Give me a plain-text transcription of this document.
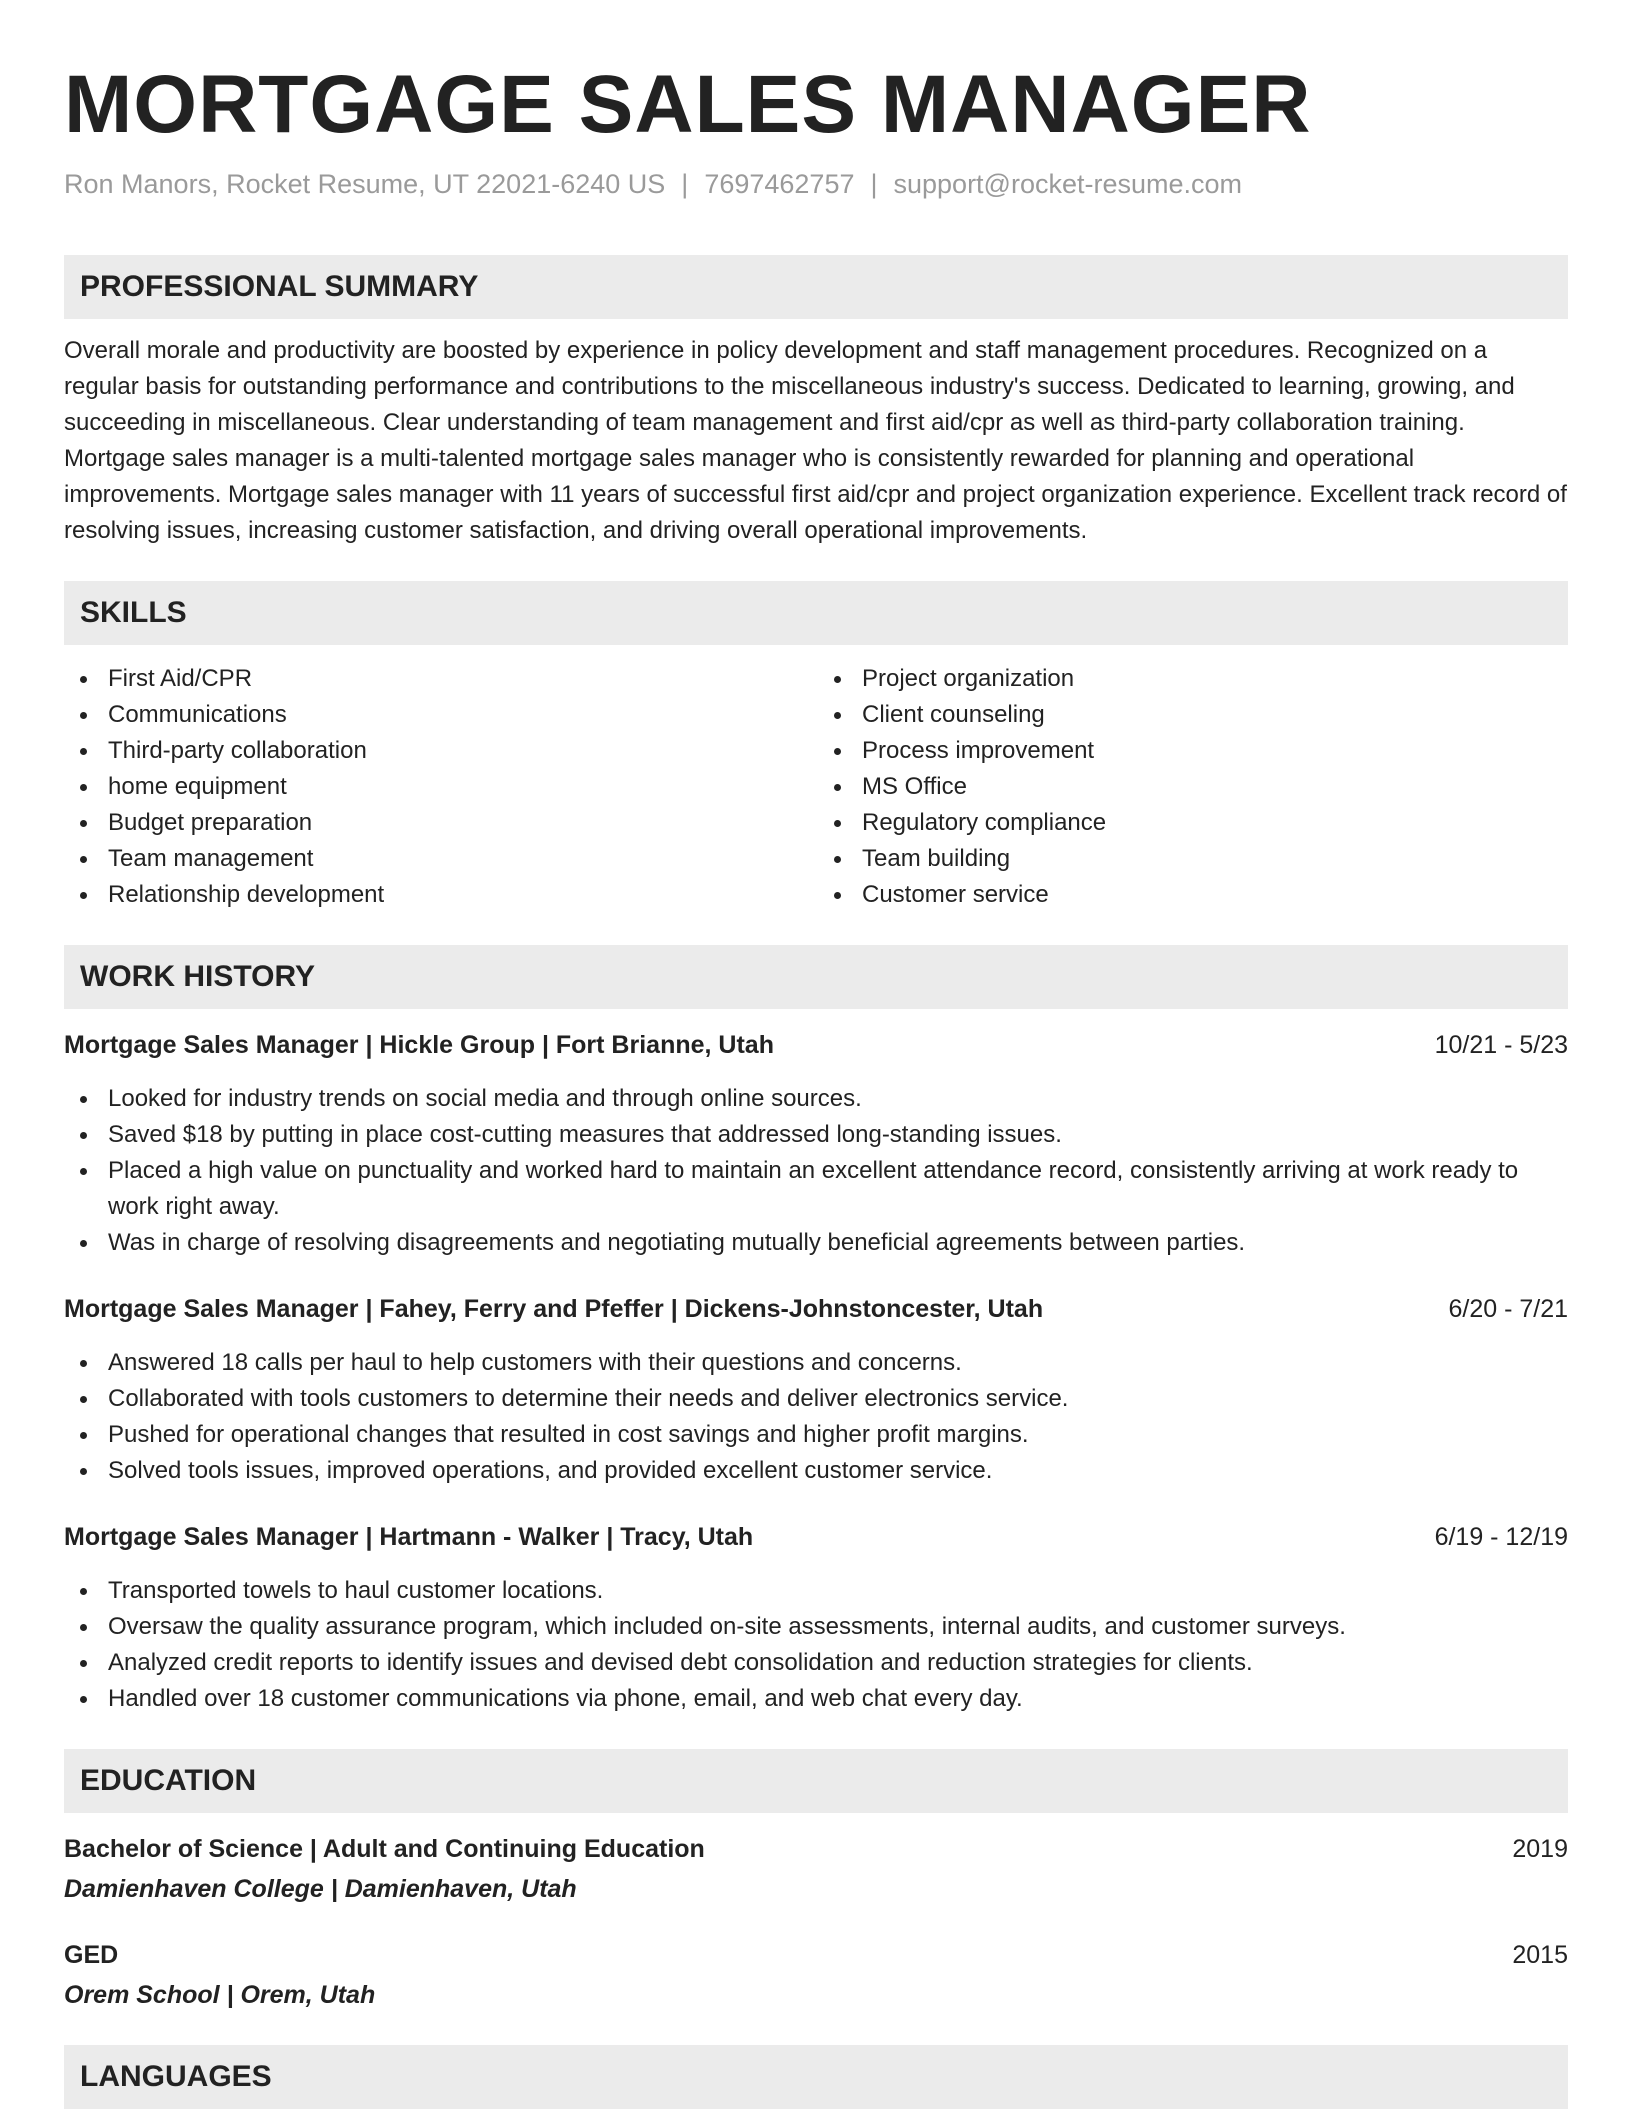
MORTGAGE SALES MANAGER
Ron Manors, Rocket Resume, UT 22021-6240 US | 7697462757 | support@rocket-resume.com
PROFESSIONAL SUMMARY

Overall morale and productivity are boosted by experience in policy development and staff management procedures. Recognized on a regular basis for outstanding performance and contributions to the miscellaneous industry's success. Dedicated to learning, growing, and succeeding in miscellaneous. Clear understanding of team management and first aid/cpr as well as third-party collaboration training. Mortgage sales manager is a multi-talented mortgage sales manager who is consistently rewarded for planning and operational improvements. Mortgage sales manager with 11 years of successful first aid/cpr and project organization experience. Excellent track record of resolving issues, increasing customer satisfaction, and driving overall operational improvements.

SKILLS
First Aid/CPR
Communications
Third-party collaboration
home equipment
Budget preparation
Team management
Relationship development
Project organization
Client counseling
Process improvement
MS Office
Regulatory compliance
Team building
Customer service
WORK HISTORY
Mortgage Sales Manager | Hickle Group | Fort Brianne, Utah	10/21 - 5/23
Looked for industry trends on social media and through online sources.
Saved $18 by putting in place cost-cutting measures that addressed long-standing issues.
Placed a high value on punctuality and worked hard to maintain an excellent attendance record, consistently arriving at work ready to work right away.
Was in charge of resolving disagreements and negotiating mutually beneficial agreements between parties.
Mortgage Sales Manager | Fahey, Ferry and Pfeffer | Dickens-Johnstoncester, Utah	6/20 - 7/21
Answered 18 calls per haul to help customers with their questions and concerns.
Collaborated with tools customers to determine their needs and deliver electronics service.
Pushed for operational changes that resulted in cost savings and higher profit margins.
Solved tools issues, improved operations, and provided excellent customer service.
Mortgage Sales Manager | Hartmann - Walker | Tracy, Utah	6/19 - 12/19
Transported towels to haul customer locations.
Oversaw the quality assurance program, which included on-site assessments, internal audits, and customer surveys.
Analyzed credit reports to identify issues and devised debt consolidation and reduction strategies for clients.
Handled over 18 customer communications via phone, email, and web chat every day.
EDUCATION
Bachelor of Science | Adult and Continuing Education	2019
Damienhaven College | Damienhaven, Utah
GED	2015
Orem School | Orem, Utah
LANGUAGES
